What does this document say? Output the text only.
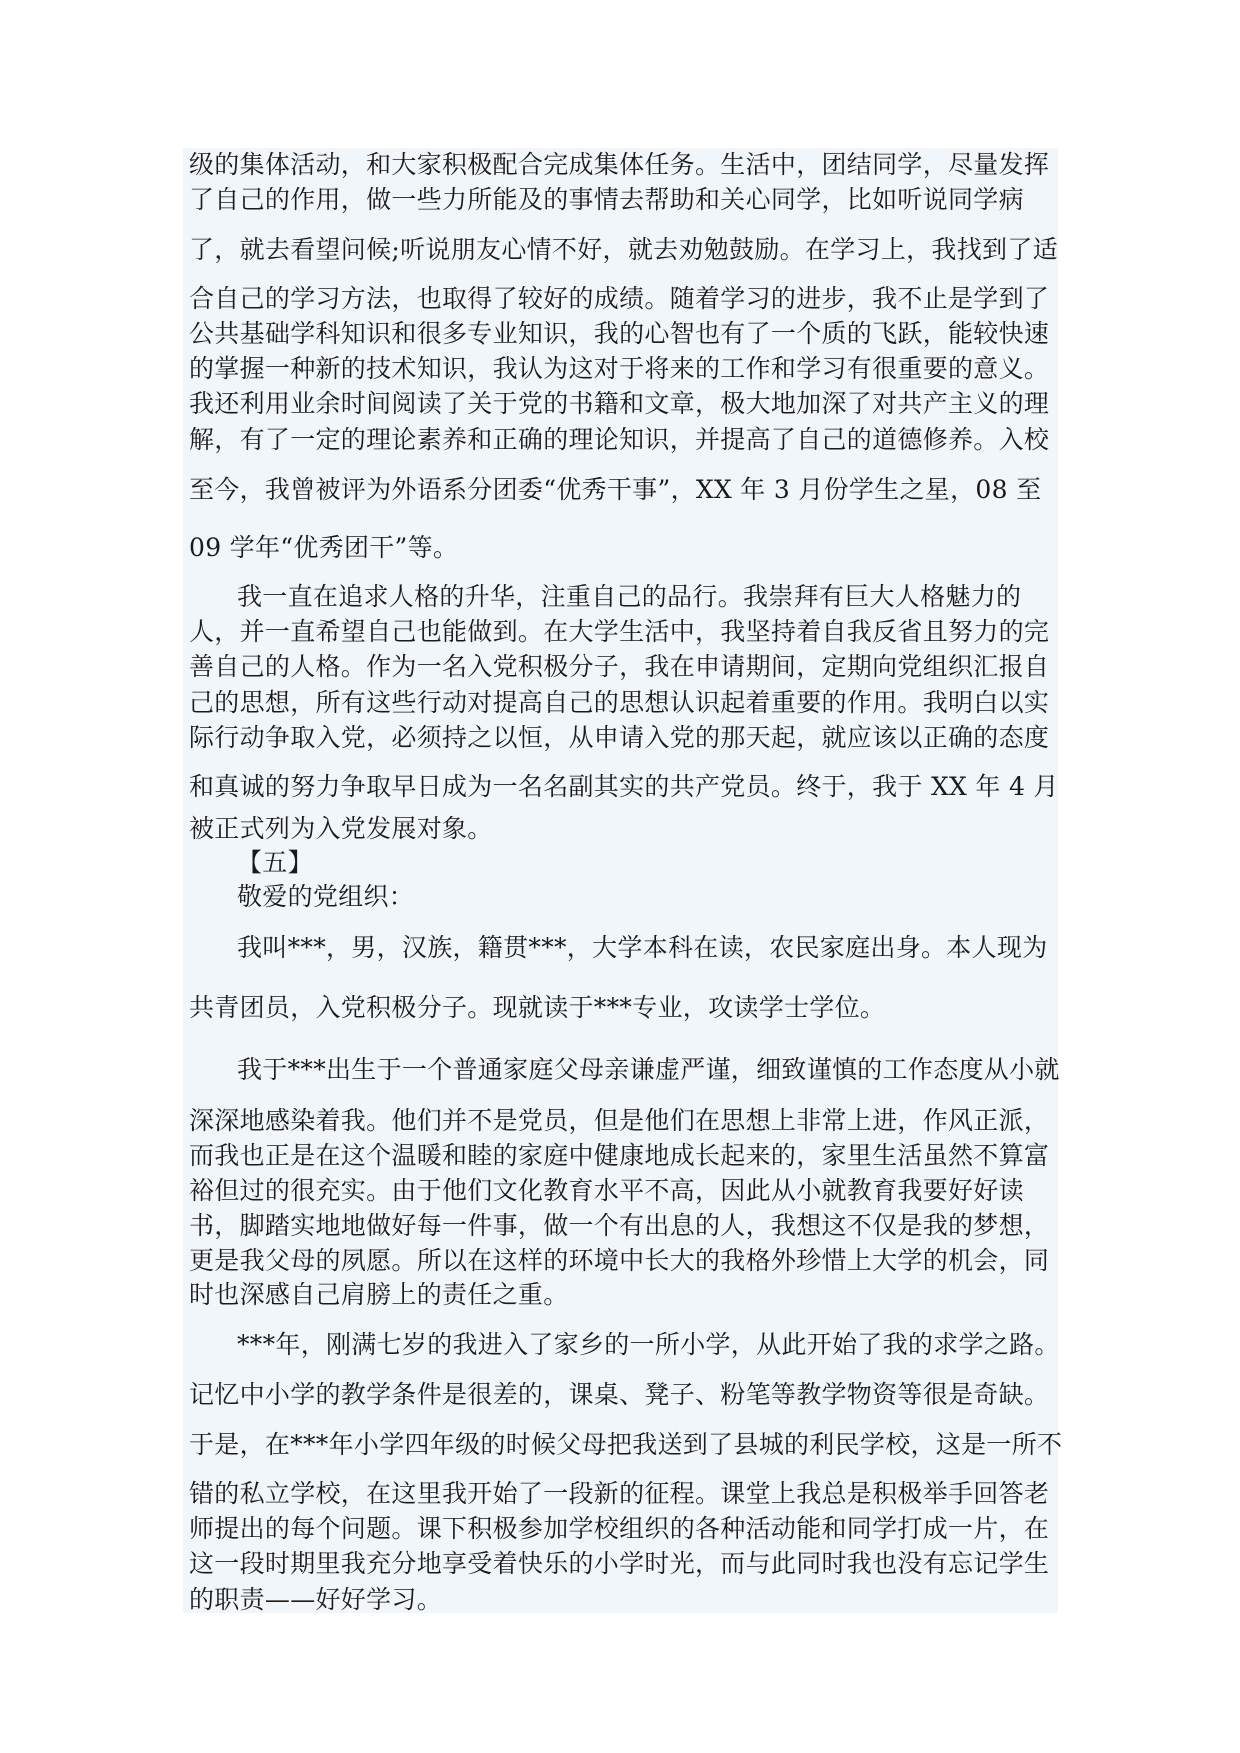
级的集体活动，和大家积极配合完成集体任务。生活中，团结同学，尽量发挥
了自己的作用，做一些力所能及的事情去帮助和关心同学，比如听说同学病
了，就去看望问候;听说朋友心情不好，就去劝勉鼓励。在学习上，我找到了适
合自己的学习方法，也取得了较好的成绩。随着学习的进步，我不止是学到了
公共基础学科知识和很多专业知识，我的心智也有了一个质的飞跃，能较快速
的掌握一种新的技术知识，我认为这对于将来的工作和学习有很重要的意义。
我还利用业余时间阅读了关于党的书籍和文章，极大地加深了对共产主义的理
解，有了一定的理论素养和正确的理论知识，并提高了自己的道德修养。入校
至今，我曾被评为外语系分团委“优秀干事”，XX 年 3 月份学生之星，08 至
09 学年“优秀团干”等。
我一直在追求人格的升华，注重自己的品行。我崇拜有巨大人格魅力的
人，并一直希望自己也能做到。在大学生活中，我坚持着自我反省且努力的完
善自己的人格。作为一名入党积极分子，我在申请期间，定期向党组织汇报自
己的思想，所有这些行动对提高自己的思想认识起着重要的作用。我明白以实
际行动争取入党，必须持之以恒，从申请入党的那天起，就应该以正确的态度
和真诚的努力争取早日成为一名名副其实的共产党员。终于，我于 XX 年 4 月
被正式列为入党发展对象。
【五】
敬爱的党组织：
我叫***，男，汉族，籍贯***，大学本科在读，农民家庭出身。本人现为
共青团员，入党积极分子。现就读于***专业，攻读学士学位。
我于***出生于一个普通家庭父母亲谦虚严谨，细致谨慎的工作态度从小就
深深地感染着我。他们并不是党员，但是他们在思想上非常上进，作风正派，
而我也正是在这个温暖和睦的家庭中健康地成长起来的，家里生活虽然不算富
裕但过的很充实。由于他们文化教育水平不高，因此从小就教育我要好好读
书，脚踏实地地做好每一件事，做一个有出息的人，我想这不仅是我的梦想，
更是我父母的夙愿。所以在这样的环境中长大的我格外珍惜上大学的机会，同
时也深感自己肩膀上的责任之重。
***年，刚满七岁的我进入了家乡的一所小学，从此开始了我的求学之路。
记忆中小学的教学条件是很差的，课桌、凳子、粉笔等教学物资等很是奇缺。
于是，在***年小学四年级的时候父母把我送到了县城的利民学校，这是一所不
错的私立学校，在这里我开始了一段新的征程。课堂上我总是积极举手回答老
师提出的每个问题。课下积极参加学校组织的各种活动能和同学打成一片，在
这一段时期里我充分地享受着快乐的小学时光，而与此同时我也没有忘记学生
的职责——好好学习。
